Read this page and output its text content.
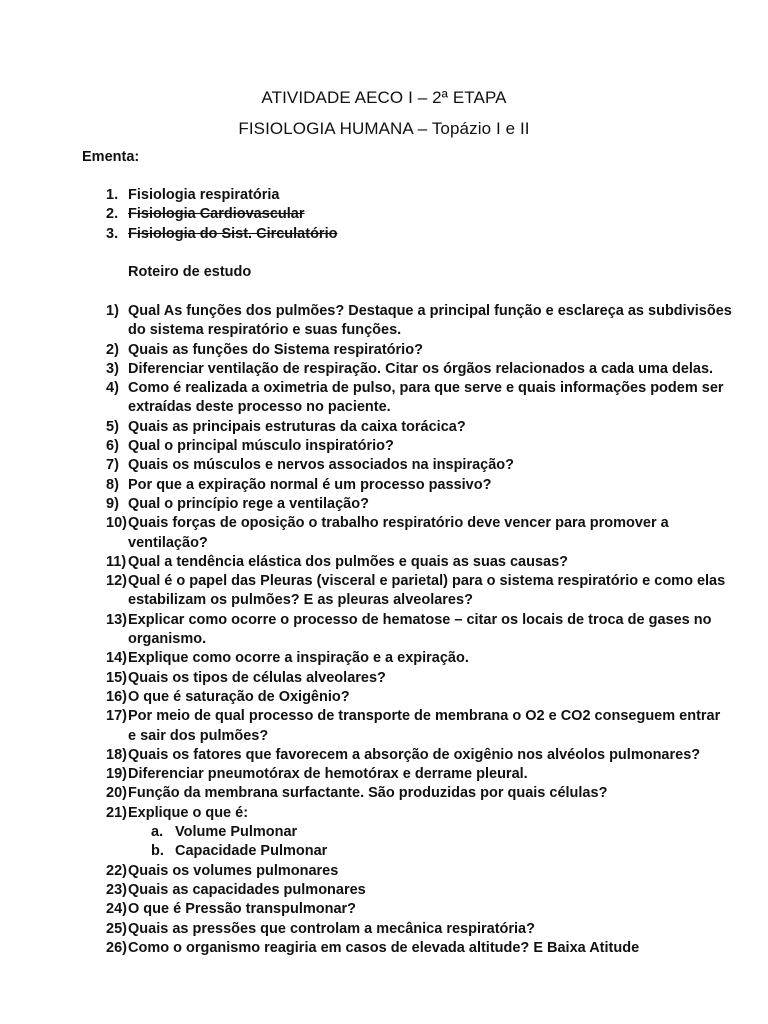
ATIVIDADE AECO I – 2ª ETAPA
FISIOLOGIA HUMANA – Topázio I e II
Ementa:
1. Fisiologia respiratória
2. Fisiologia Cardiovascular
3. Fisiologia do Sist. Circulatório
Roteiro de estudo
1) Qual As funções dos pulmões? Destaque a principal função e esclareça as subdivisões
do sistema respiratório e suas funções.
2) Quais as funções do Sistema respiratório?
3) Diferenciar ventilação de respiração. Citar os órgãos relacionados a cada uma delas.
4) Como é realizada a oximetria de pulso, para que serve e quais informações podem ser
extraídas deste processo no paciente.
5) Quais as principais estruturas da caixa torácica?
6) Qual o principal músculo inspiratório?
7) Quais os músculos e nervos associados na inspiração?
8) Por que a expiração normal é um processo passivo?
9) Qual o princípio rege a ventilação?
10) Quais forças de oposição o trabalho respiratório deve vencer para promover a
ventilação?
11) Qual a tendência elástica dos pulmões e quais as suas causas?
12) Qual é o papel das Pleuras (visceral e parietal) para o sistema respiratório e como elas
estabilizam os pulmões? E as pleuras alveolares?
13) Explicar como ocorre o processo de hematose – citar os locais de troca de gases no
organismo.
14) Explique como ocorre a inspiração e a expiração.
15) Quais os tipos de células alveolares?
16) O que é saturação de Oxigênio?
17) Por meio de qual processo de transporte de membrana o O2 e CO2 conseguem entrar
e sair dos pulmões?
18) Quais os fatores que favorecem a absorção de oxigênio nos alvéolos pulmonares?
19) Diferenciar pneumotórax de hemotórax e derrame pleural.
20) Função da membrana surfactante. São produzidas por quais células?
21) Explique o que é:
a. Volume Pulmonar
b. Capacidade Pulmonar
22) Quais os volumes pulmonares
23) Quais as capacidades pulmonares
24) O que é Pressão transpulmonar?
25) Quais as pressões que controlam a mecânica respiratória?
26) Como o organismo reagiria em casos de elevada altitude? E Baixa Atitude
